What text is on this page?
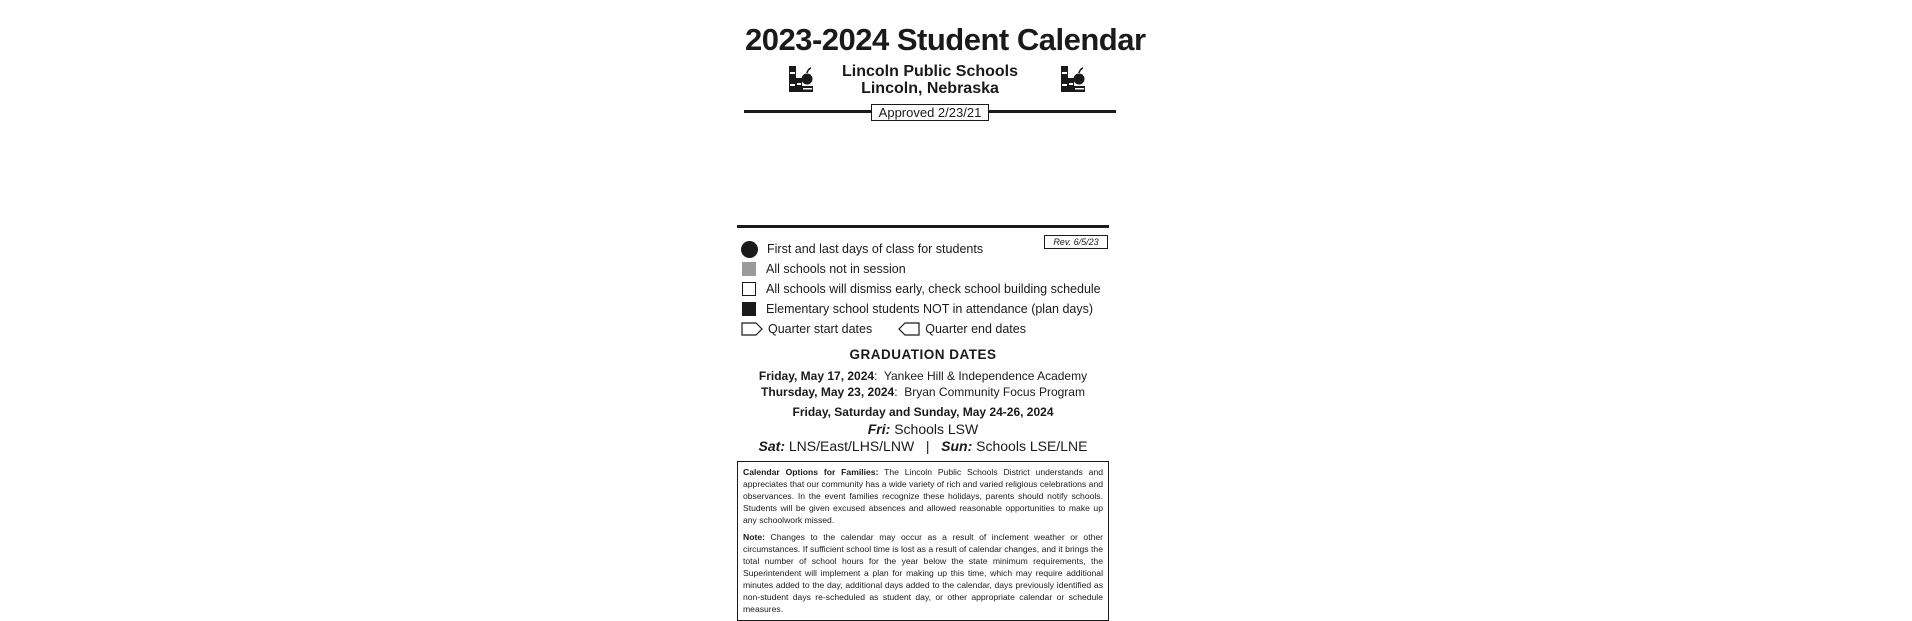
2023-2024 Student Calendar
Lincoln Public Schools
Lincoln, Nebraska
Approved 2/23/21
Rev. 6/5/23
First and last days of class for students
All schools not in session
All schools will dismiss early, check school building schedule
Elementary school students NOT in attendance (plan days)
Quarter start dates	Quarter end dates
GRADUATION DATES
Friday, May 17, 2024:  Yankee Hill & Independence Academy
Thursday, May 23, 2024:  Bryan Community Focus Program
Friday, Saturday and Sunday, May 24-26, 2024
Fri: Schools LSW
Sat: LNS/East/LHS/LNW | Sun: Schools LSE/LNE

Calendar Options for Families: The Lincoln Public Schools District understands and appreciates that our community has a wide variety of rich and varied religious celebrations and observances. In the event families recognize these holidays, parents should notify schools. Students will be given excused absences and allowed reasonable opportunities to make up any schoolwork missed.

Note: Changes to the calendar may occur as a result of inclement weather or other circumstances. If sufficient school time is lost as a result of calendar changes, and it brings the total number of school hours for the year below the state minimum requirements, the Superintendent will implement a plan for making up this time, which may require additional minutes added to the day, additional days added to the calendar, days previously identified as non-student days re-scheduled as student day, or other appropriate calendar or schedule measures.
